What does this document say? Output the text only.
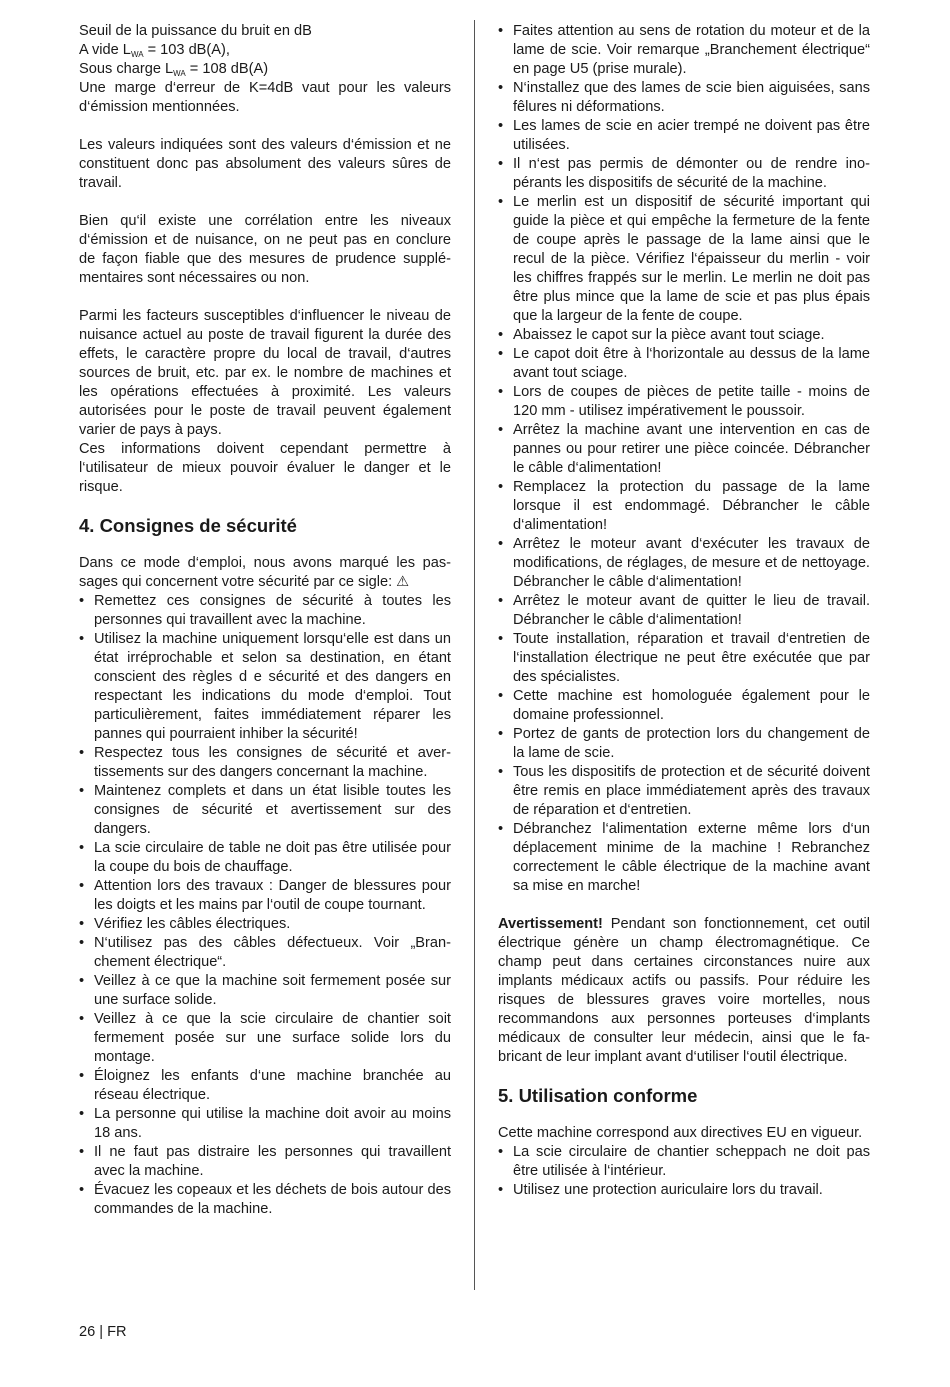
Seuil de la puissance du bruit en dB

A vide $L_{WA} = 103$ dB(A),

Sous charge $L_{WA} = 108$ dB(A)

Une marge d‘erreur de K=4dB vaut pour les valeurs d‘émission mentionnées.

Les valeurs indiquées sont des valeurs d‘émission et ne constituent donc pas absolument des valeurs sûres de travail.

Bien qu‘il existe une corrélation entre les niveaux d‘émission et de nuisance, on ne peut pas en conclure de façon fiable que des mesures de prudence supplémentaires sont nécessaires ou non.

Parmi les facteurs susceptibles d‘influencer le niveau de nuisance actuel au poste de travail figurent la durée des effets, le caractère propre du local de travail, d‘autres sources de bruit, etc. par ex. le nombre de machines et les opérations effectuées à proximité. Les valeurs autorisées pour le poste de travail peuvent également varier de pays à pays.

Ces informations doivent cependant permettre à l‘utilisateur de mieux pouvoir évaluer le danger et le risque.

4. Consignes de sécurité

Dans ce mode d‘emploi, nous avons marqué les passages qui concernent votre sécurité par ce sigle: ⚠

• Remettez ces consignes de sécurité à toutes les personnes qui travaillent avec la machine.
• Utilisez la machine uniquement lorsqu‘elle est dans un état irréprochable et selon sa destination, en étant conscient des règles d e sécurité et des dangers en respectant les indications du mode d‘emploi. Tout particulièrement, faites immédiatement réparer les pannes qui pourraient inhiber la sécurité!
• Respectez tous les consignes de sécurité et avertissements sur des dangers concernant la machine.
• Maintenez complets et dans un état lisible toutes les consignes de sécurité et avertissement sur des dangers.
• La scie circulaire de table ne doit pas être utilisée pour la coupe du bois de chauffage.
• Attention lors des travaux : Danger de blessures pour les doigts et les mains par l‘outil de coupe tournant.
• Vérifiez les câbles électriques.
• N‘utilisez pas des câbles défectueux. Voir „Branchement électrique“.
• Veillez à ce que la machine soit fermement posée sur une surface solide.
• Veillez à ce que la scie circulaire de chantier soit fermement posée sur une surface solide lors du montage.
• Éloignez les enfants d‘une machine branchée au réseau électrique.
• La personne qui utilise la machine doit avoir au moins 18 ans.
• Il ne faut pas distraire les personnes qui travaillent avec la machine.
• Évacuez les copeaux et les déchets de bois autour des commandes de la machine.
• Faites attention au sens de rotation du moteur et de la lame de scie. Voir remarque „Branchement électrique“ en page U5 (prise murale).
• N‘installez que des lames de scie bien aiguisées, sans fêlures ni déformations.
• Les lames de scie en acier trempé ne doivent pas être utilisées.
• Il n‘est pas permis de démonter ou de rendre inopérants les dispositifs de sécurité de la machine.
• Le merlin est un dispositif de sécurité important qui guide la pièce et qui empêche la fermeture de la fente de coupe après le passage de la lame ainsi que le recul de la pièce. Vérifiez l‘épaisseur du merlin - voir les chiffres frappés sur le merlin. Le merlin ne doit pas être plus mince que la lame de scie et pas plus épais que la largeur de la fente de coupe.
• Abaissez le capot sur la pièce avant tout sciage.
• Le capot doit être à l‘horizontale au dessus de la lame avant tout sciage.
• Lors de coupes de pièces de petite taille - moins de 120 mm - utilisez impérativement le poussoir.
• Arrêtez la machine avant une intervention en cas de pannes ou pour retirer une pièce coincée. Débrancher le câble d‘alimentation!
• Remplacez la protection du passage de la lame lorsque il est endommagé. Débrancher le câble d‘alimentation!
• Arrêtez le moteur avant d‘exécuter les travaux de modifications, de réglages, de mesure et de nettoyage. Débrancher le câble d‘alimentation!
• Arrêtez le moteur avant de quitter le lieu de travail. Débrancher le câble d‘alimentation!
• Toute installation, réparation et travail d‘entretien de l‘installation électrique ne peut être exécutée que par des spécialistes.
• Cette machine est homologuée également pour le domaine professionnel.
• Portez de gants de protection lors du changement de la lame de scie.
• Tous les dispositifs de protection et de sécurité doivent être remis en place immédiatement après des travaux de réparation et d‘entretien.
• Débranchez l‘alimentation externe même lors d‘un déplacement minime de la machine ! Rebranchez correctement le câble électrique de la machine avant sa mise en marche!

Avertissement! Pendant son fonctionnement, cet outil électrique génère un champ électromagnétique. Ce champ peut dans certaines circonstances nuire aux implants médicaux actifs ou passifs. Pour réduire les risques de blessures graves voire mortelles, nous recommandons aux personnes porteuses d‘implants médicaux de consulter leur médecin, ainsi que le fabricant de leur implant avant d‘utiliser l‘outil électrique.

5. Utilisation conforme

Cette machine correspond aux directives EU en vigueur.

• La scie circulaire de chantier scheppach ne doit pas être utilisée à l‘intérieur.
• Utilisez une protection auriculaire lors du travail.
26 | FR
